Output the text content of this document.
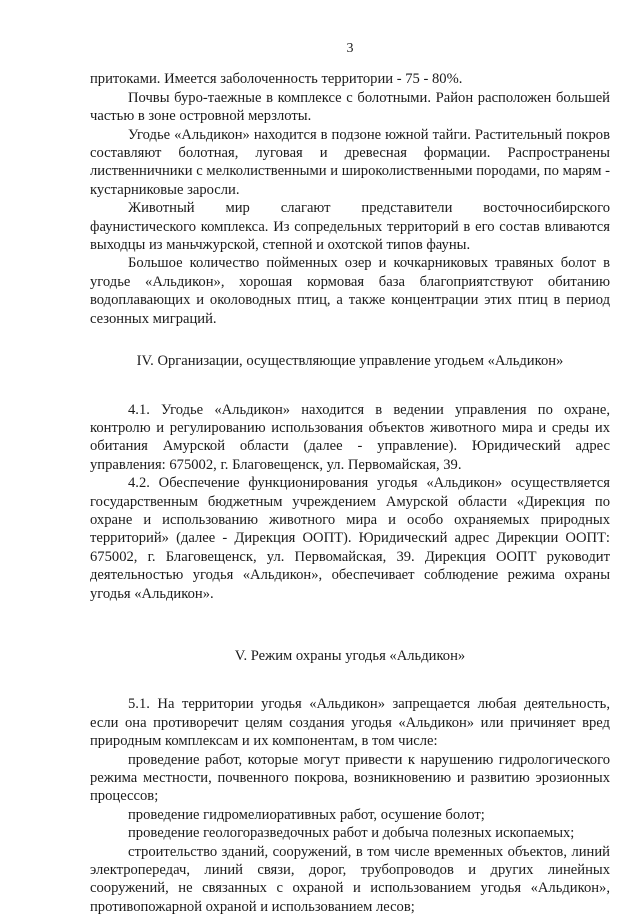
3

притоками. Имеется заболоченность территории - 75 - 80%.

Почвы буро-таежные в комплексе с болотными. Район расположен большей частью в зоне островной мерзлоты.

Угодье «Альдикон» находится в подзоне южной тайги. Растительный покров составляют болотная, луговая и древесная формации. Распространены лиственничники с мелколиственными и широколиственными породами, по марям - кустарниковые заросли.

Животный мир слагают представители восточносибирского фаунистического комплекса. Из сопредельных территорий в его состав вливаются выходцы из маньчжурской, степной и охотской типов фауны.

Большое количество пойменных озер и кочкарниковых травяных болот в угодье «Альдикон», хорошая кормовая база благоприятствуют обитанию водоплавающих и околоводных птиц, а также концентрации этих птиц в период сезонных миграций.

IV. Организации, осуществляющие управление угодьем «Альдикон»

4.1. Угодье «Альдикон» находится в ведении управления по охране, контролю и регулированию использования объектов животного мира и среды их обитания Амурской области (далее - управление). Юридический адрес управления: 675002, г. Благовещенск, ул. Первомайская, 39.

4.2. Обеспечение функционирования угодья «Альдикон» осуществляется государственным бюджетным учреждением Амурской области «Дирекция по охране и использованию животного мира и особо охраняемых природных территорий» (далее - Дирекция ООПТ). Юридический адрес Дирекции ООПТ: 675002, г. Благовещенск, ул. Первомайская, 39. Дирекция ООПТ руководит деятельностью угодья «Альдикон», обеспечивает соблюдение режима охраны угодья «Альдикон».

V. Режим охраны угодья «Альдикон»

5.1. На территории угодья «Альдикон» запрещается любая деятельность, если она противоречит целям создания угодья «Альдикон» или причиняет вред природным комплексам и их компонентам, в том числе:

проведение работ, которые могут привести к нарушению гидрологического режима местности, почвенного покрова, возникновению и развитию эрозионных процессов;

проведение гидромелиоративных работ, осушение болот;

проведение геологоразведочных работ и добыча полезных ископаемых;

строительство зданий, сооружений, в том числе временных объектов, линий электропередач, линий связи, дорог, трубопроводов и других линейных сооружений, не связанных с охраной и использованием угодья «Альдикон», противопожарной охраной и использованием лесов;
